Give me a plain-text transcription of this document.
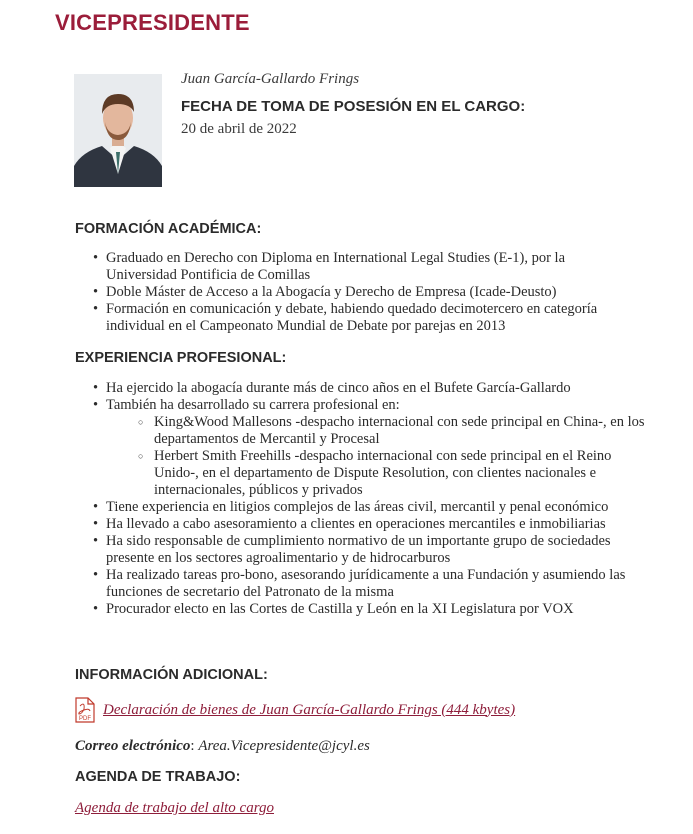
VICEPRESIDENTE
Juan García-Gallardo Frings
FECHA DE TOMA DE POSESIÓN EN EL CARGO:
20 de abril de 2022
FORMACIÓN ACADÉMICA:
• Graduado en Derecho con Diploma en International Legal Studies (E-1), por la Universidad Pontificia de Comillas
• Doble Máster de Acceso a la Abogacía y Derecho de Empresa (Icade-Deusto)
• Formación en comunicación y debate, habiendo quedado decimotercero en categoría individual en el Campeonato Mundial de Debate por parejas en 2013
EXPERIENCIA PROFESIONAL:
• Ha ejercido la abogacía durante más de cinco años en el Bufete García-Gallardo
• También ha desarrollado su carrera profesional en:
○ King&Wood Mallesons -despacho internacional con sede principal en China-, en los departamentos de Mercantil y Procesal
○ Herbert Smith Freehills -despacho internacional con sede principal en el Reino Unido-, en el departamento de Dispute Resolution, con clientes nacionales e internacionales, públicos y privados
• Tiene experiencia en litigios complejos de las áreas civil, mercantil y penal económico
• Ha llevado a cabo asesoramiento a clientes en operaciones mercantiles e inmobiliarias
• Ha sido responsable de cumplimiento normativo de un importante grupo de sociedades presente en los sectores agroalimentario y de hidrocarburos
• Ha realizado tareas pro-bono, asesorando jurídicamente a una Fundación y asumiendo las funciones de secretario del Patronato de la misma
• Procurador electo en las Cortes de Castilla y León en la XI Legislatura por VOX
INFORMACIÓN ADICIONAL:
PDF
Declaración de bienes de Juan García-Gallardo Frings (444 kbytes)
Correo electrónico: Area.Vicepresidente@jcyl.es
AGENDA DE TRABAJO:
Agenda de trabajo del alto cargo
